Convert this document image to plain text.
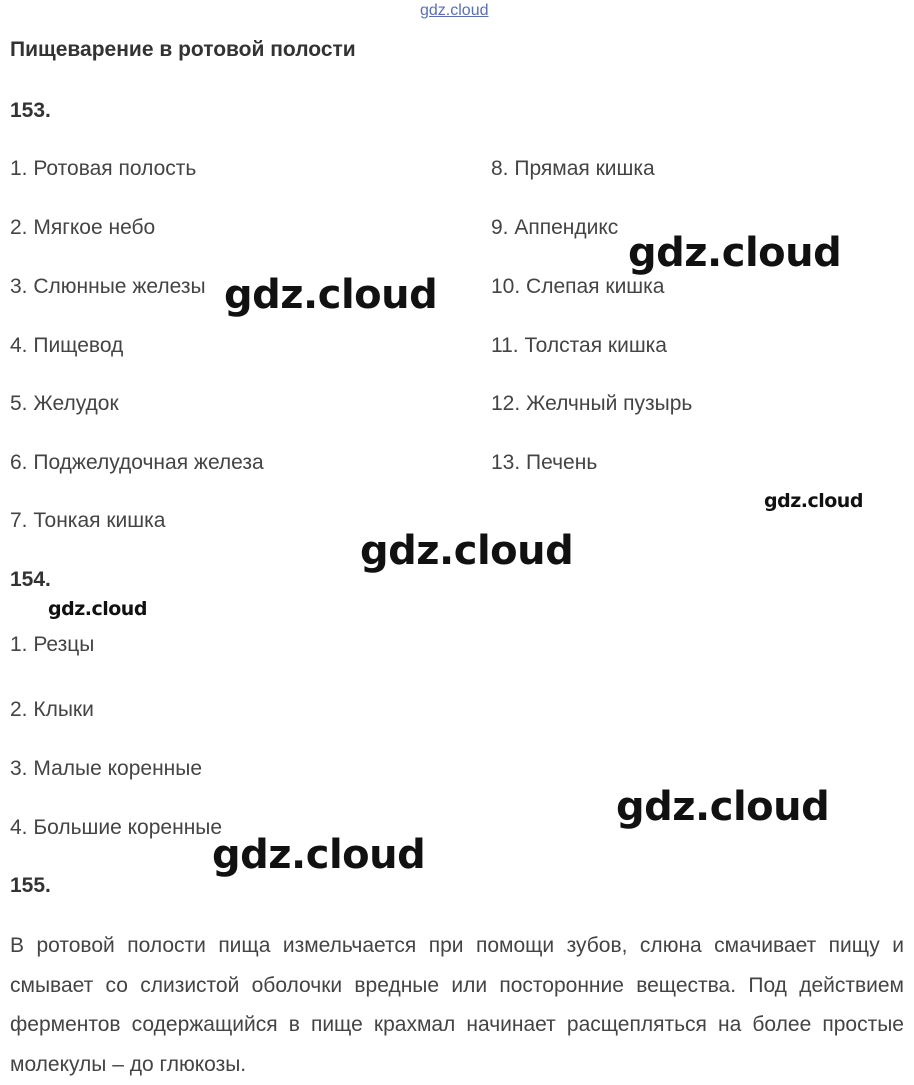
gdz.cloud
Пищеварение в ротовой полости
153.
1. Ротовая полость
2. Мягкое небо
3. Слюнные железы
4. Пищевод
5. Желудок
6. Поджелудочная железа
7. Тонкая кишка
8. Прямая кишка
9. Аппендикс
10. Слепая кишка
11. Толстая кишка
12. Желчный пузырь
13. Печень
154.
1. Резцы
2. Клыки
3. Малые коренные
4. Большие коренные
155.
В ротовой полости пища измельчается при помощи зубов, слюна смачивает пищу и смывает со слизистой оболочки вредные или посторонние вещества. Под действием ферментов содержащийся в пище крахмал начинает расщепляться на более простые молекулы – до глюкозы.
gdz.cloud
gdz.cloud
gdz.cloud
gdz.cloud
gdz.cloud
gdz.cloud
gdz.cloud
